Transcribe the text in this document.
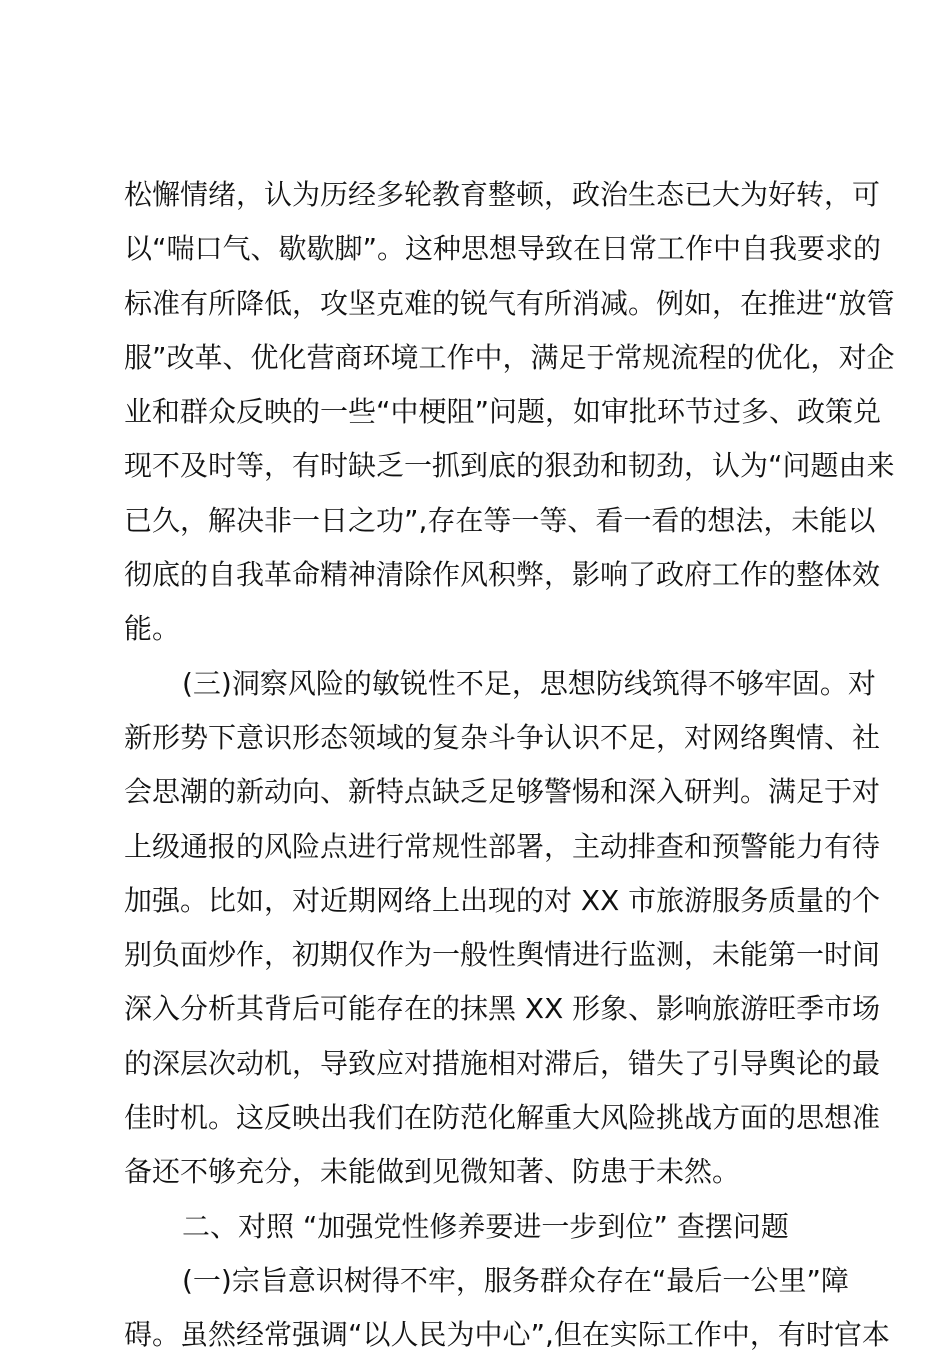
松懈情绪，认为历经多轮教育整顿，政治生态已大为好转，可
以“喘口气、歇歇脚”。这种思想导致在日常工作中自我要求的
标准有所降低，攻坚克难的锐气有所消减。例如，在推进“放管
服”改革、优化营商环境工作中，满足于常规流程的优化，对企
业和群众反映的一些“中梗阻”问题，如审批环节过多、政策兑
现不及时等，有时缺乏一抓到底的狠劲和韧劲，认为“问题由来
已久，解决非一日之功”,存在等一等、看一看的想法，未能以
彻底的自我革命精神清除作风积弊，影响了政府工作的整体效
能。
(三)洞察风险的敏锐性不足，思想防线筑得不够牢固。对
新形势下意识形态领域的复杂斗争认识不足，对网络舆情、社
会思潮的新动向、新特点缺乏足够警惕和深入研判。满足于对
上级通报的风险点进行常规性部署，主动排查和预警能力有待
加强。比如，对近期网络上出现的对 XX 市旅游服务质量的个
别负面炒作，初期仅作为一般性舆情进行监测，未能第一时间
深入分析其背后可能存在的抹黑 XX 形象、影响旅游旺季市场
的深层次动机，导致应对措施相对滞后，错失了引导舆论的最
佳时机。这反映出我们在防范化解重大风险挑战方面的思想准
备还不够充分，未能做到见微知著、防患于未然。
二、对照 “加强党性修养要进一步到位” 查摆问题
(一)宗旨意识树得不牢，服务群众存在“最后一公里”障
碍。虽然经常强调“以人民为中心”,但在实际工作中，有时官本
